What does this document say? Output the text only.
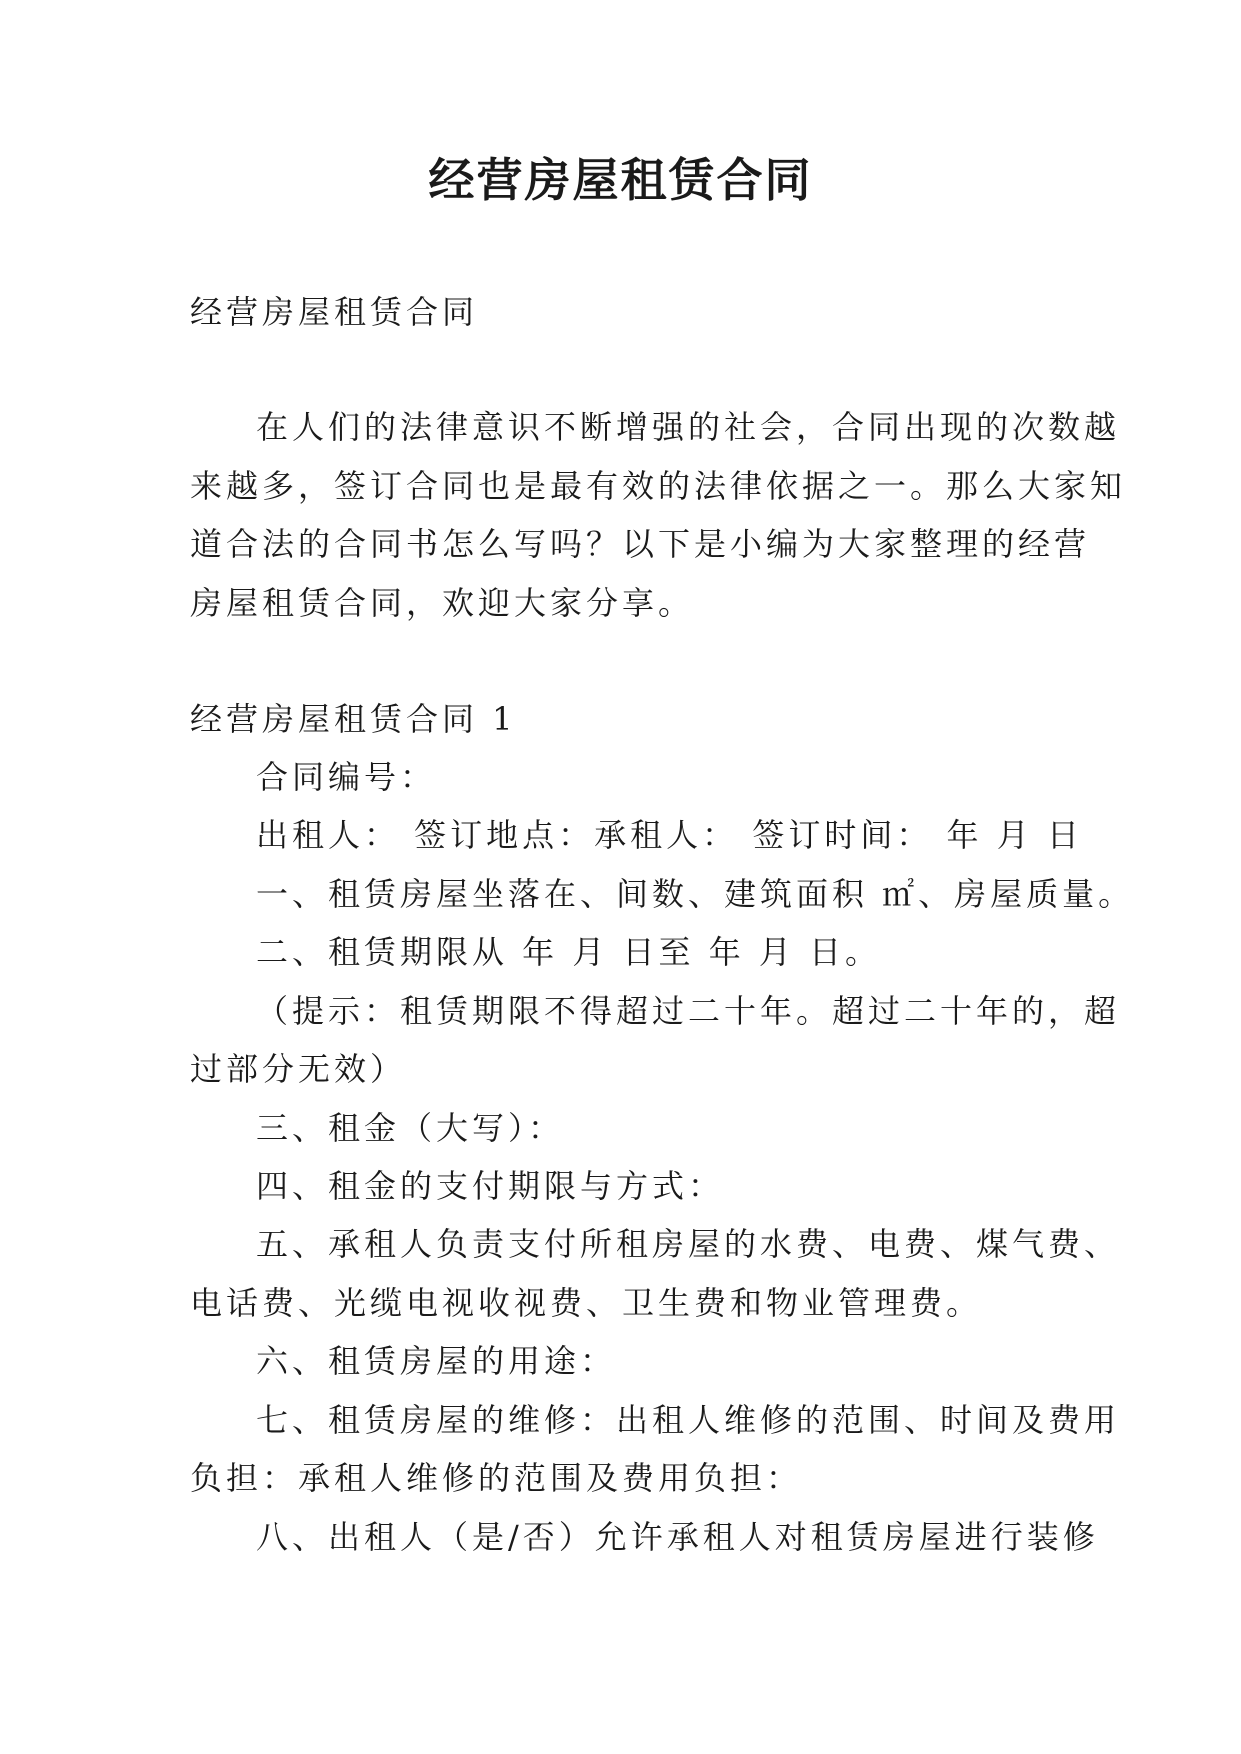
经营房屋租赁合同
经营房屋租赁合同
在人们的法律意识不断增强的社会，合同出现的次数越
来越多，签订合同也是最有效的法律依据之一。那么大家知
道合法的合同书怎么写吗？以下是小编为大家整理的经营
房屋租赁合同，欢迎大家分享。
经营房屋租赁合同 1
合同编号：
出租人： 签订地点：承租人： 签订时间： 年 月 日
一、租赁房屋坐落在、间数、建筑面积 ㎡、房屋质量。
二、租赁期限从 年 月 日至 年 月 日。
（提示：租赁期限不得超过二十年。超过二十年的，超
过部分无效）
三、租金（大写）：
四、租金的支付期限与方式：
五、承租人负责支付所租房屋的水费、电费、煤气费、
电话费、光缆电视收视费、卫生费和物业管理费。
六、租赁房屋的用途：
七、租赁房屋的维修：出租人维修的范围、时间及费用
负担：承租人维修的范围及费用负担：
八、出租人（是/否）允许承租人对租赁房屋进行装修
